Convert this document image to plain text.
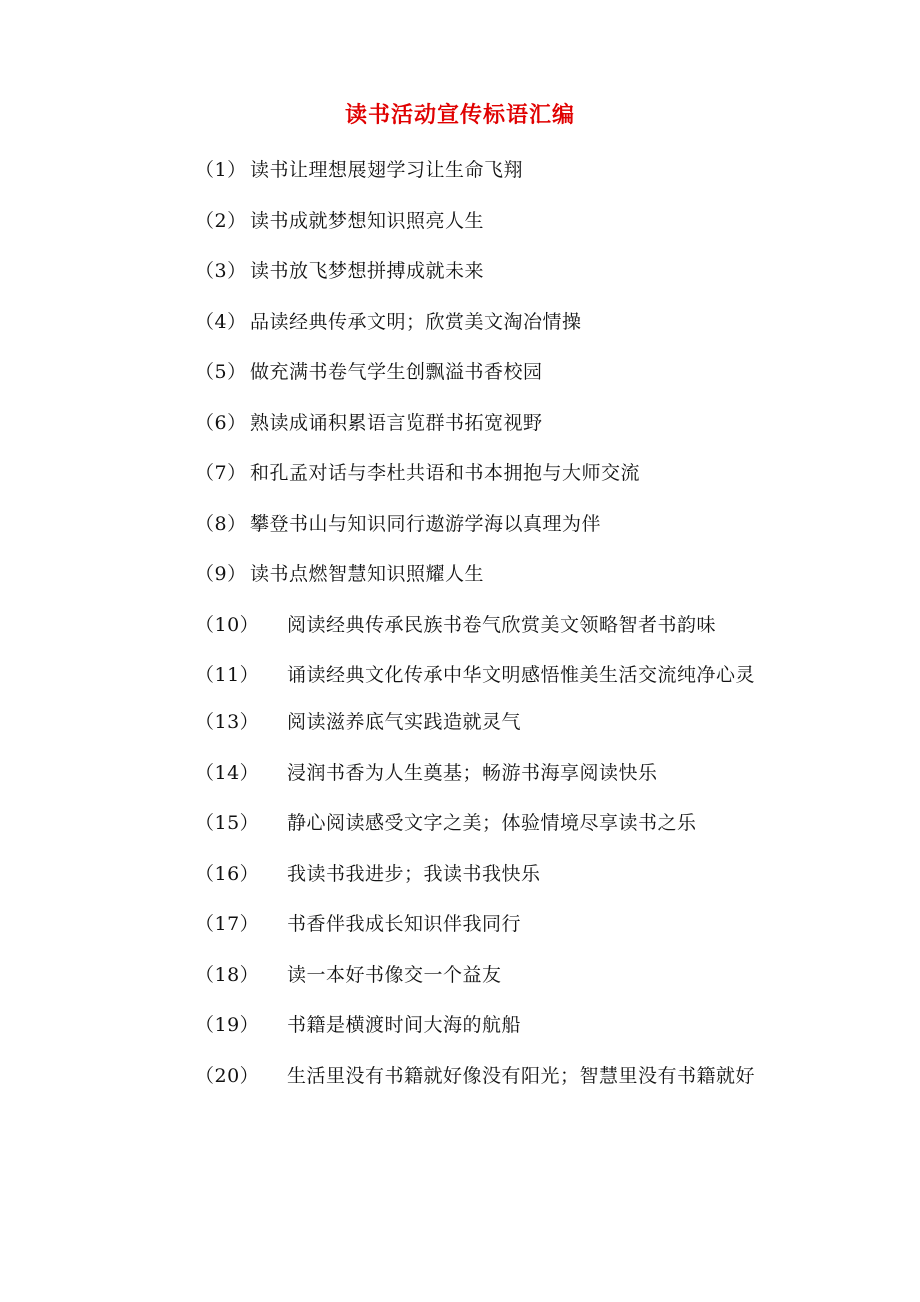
读书活动宣传标语汇编
（1） 读书让理想展翅学习让生命飞翔
（2） 读书成就梦想知识照亮人生
（3） 读书放飞梦想拼搏成就未来
（4） 品读经典传承文明；欣赏美文淘冶情操
（5） 做充满书卷气学生创飘溢书香校园
（6） 熟读成诵积累语言览群书拓宽视野
（7） 和孔孟对话与李杜共语和书本拥抱与大师交流
（8） 攀登书山与知识同行遨游学海以真理为伴
（9） 读书点燃智慧知识照耀人生
（10） 阅读经典传承民族书卷气欣赏美文领略智者书韵味
（11） 诵读经典文化传承中华文明感悟惟美生活交流纯净心灵
（13） 阅读滋养底气实践造就灵气
（14） 浸润书香为人生奠基；畅游书海享阅读快乐
（15） 静心阅读感受文字之美；体验情境尽享读书之乐
（16） 我读书我进步；我读书我快乐
（17） 书香伴我成长知识伴我同行
（18） 读一本好书像交一个益友
（19） 书籍是横渡时间大海的航船
（20） 生活里没有书籍就好像没有阳光；智慧里没有书籍就好
